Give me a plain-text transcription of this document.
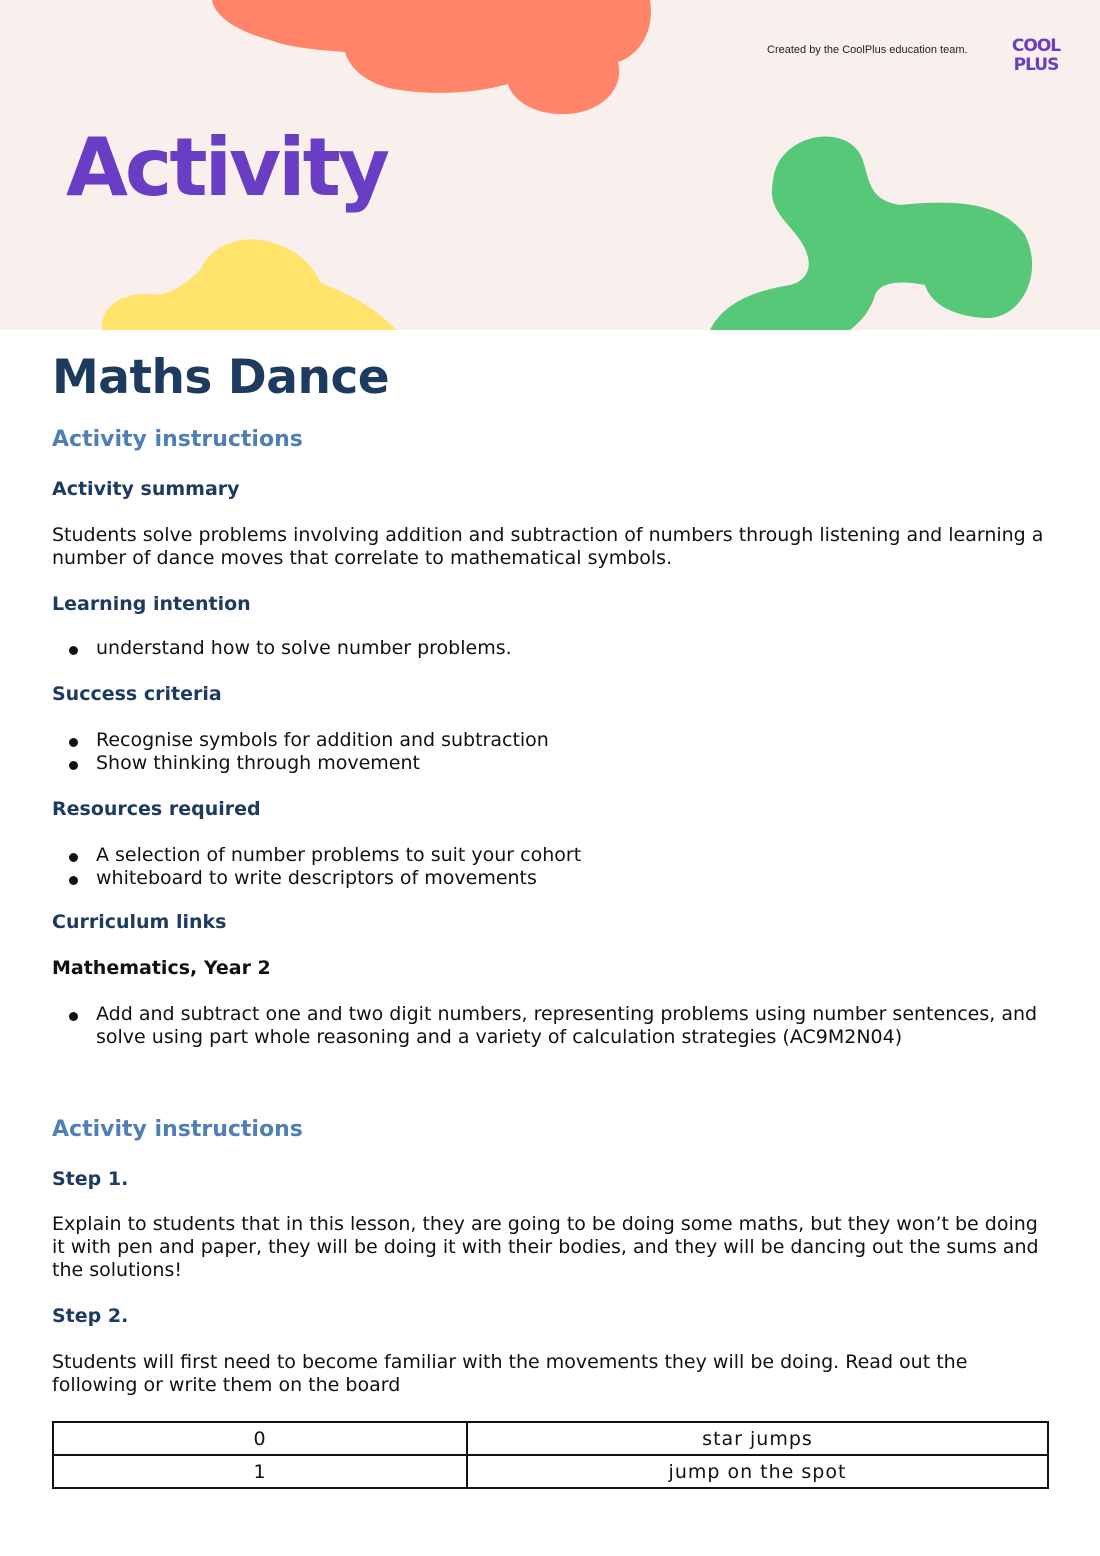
Created by the CoolPlus education team.	COOL
PLUS
Activity
Maths Dance
Activity instructions
Activity summary

Students solve problems involving addition and subtraction of numbers through listening and learning a number of dance moves that correlate to mathematical symbols.

Learning intention
understand how to solve number problems.
Success criteria
Recognise symbols for addition and subtraction
Show thinking through movement
Resources required
A selection of number problems to suit your cohort
whiteboard to write descriptors of movements
Curriculum links
Mathematics, Year 2
Add and subtract one and two digit numbers, representing problems using number sentences, and solve using part whole reasoning and a variety of calculation strategies (AC9M2N04)
Activity instructions
Step 1.

Explain to students that in this lesson, they are going to be doing some maths, but they won’t be doing it with pen and paper, they will be doing it with their bodies, and they will be dancing out the sums and the solutions!

Step 2.

Students will first need to become familiar with the movements they will be doing. Read out the following or write them on the board

0	star jumps
1	jump on the spot
